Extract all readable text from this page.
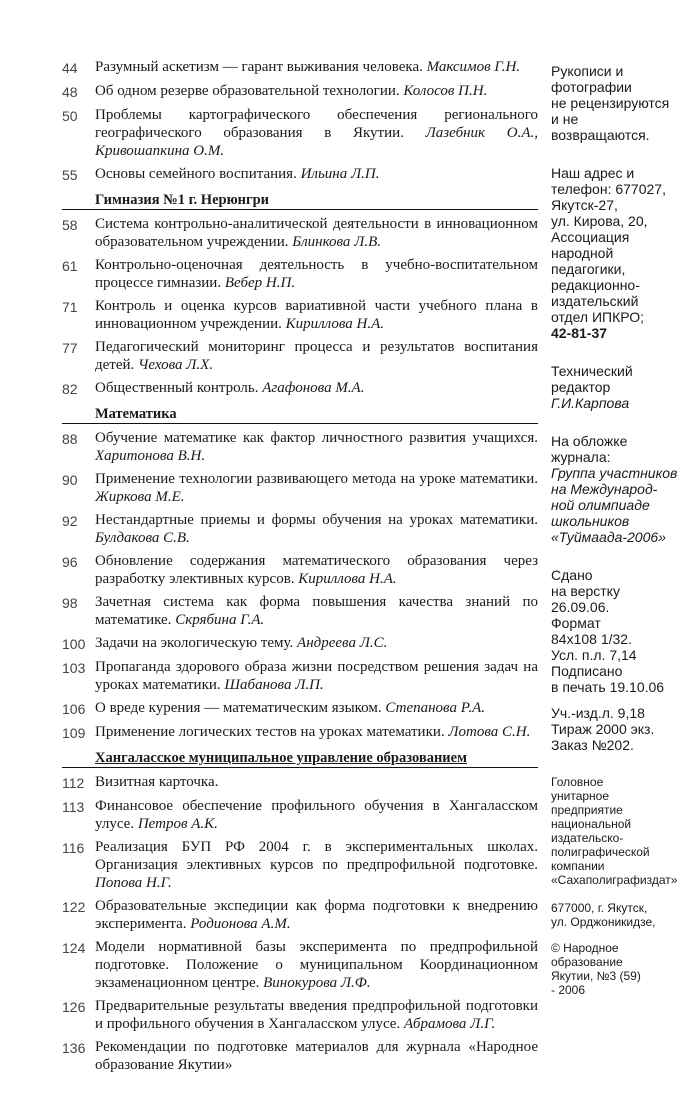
44	Разумный аскетизм — гарант выживания человека. Максимов Г.Н.
48	Об одном резерве образовательной технологии. Колосов П.Н.
50	Проблемы картографического обеспечения регионального географического образования в Якутии. Лазебник О.А., Кривошапкина О.М.
55	Основы семейного воспитания. Ильина Л.П.
Гимназия №1 г. Нерюнгри
58	Система контрольно-аналитической деятельности в инновационном образовательном учреждении. Блинкова Л.В.
61	Контрольно-оценочная деятельность в учебно-воспитательном процессе гимназии. Вебер Н.П.
71	Контроль и оценка курсов вариативной части учебного плана в инновационном учреждении. Кириллова Н.А.
77	Педагогический мониторинг процесса и результатов воспитания детей. Чехова Л.Х.
82	Общественный контроль. Агафонова М.А.
Математика
88	Обучение математике как фактор личностного развития учащихся. Харитонова В.Н.
90	Применение технологии развивающего метода на уроке математики. Жиркова М.Е.
92	Нестандартные приемы и формы обучения на уроках математики. Булдакова С.В.
96	Обновление содержания математического образования через разработку элективных курсов. Кириллова Н.А.
98	Зачетная система как форма повышения качества знаний по математике. Скрябина Г.А.
100 Задачи на экологическую тему. Андреева Л.С.
103 Пропаганда здорового образа жизни посредством решения задач на уроках математики. Шабанова Л.П.
106 О вреде курения — математическим языком. Степанова Р.А.
109 Применение логических тестов на уроках математики. Лотова С.Н.
Хангаласское муниципальное управление образованием
112 Визитная карточка.
113 Финансовое обеспечение профильного обучения в Хангаласском улусе. Петров А.К.
116 Реализация БУП РФ 2004 г. в экспериментальных школах. Организация элективных курсов по предпрофильной подготовке. Попова Н.Г.
122 Образовательные экспедиции как форма подготовки к внедрению эксперимента. Родионова А.М.
124 Модели нормативной базы эксперимента по предпрофильной подготовке. Положение о муниципальном Координационном экзаменационном центре. Винокурова Л.Ф.
126 Предварительные результаты введения предпрофильной подготовки и профильного обучения в Хангаласском улусе. Абрамова Л.Г.
136 Рекомендации по подготовке материалов для журнала «Народное образование Якутии»
Рукописи и
фотографии
не рецензируются
и не
возвращаются.
Наш адрес и
телефон: 677027,
Якутск-27,
ул. Кирова, 20,
Ассоциация
народной
педагогики,
редакционно-
издательский
отдел ИПКРО;
42-81-37
Технический
редактор
Г.И.Карпова
На обложке
журнала:
Группа участников
на Международ-
ной олимпиаде
школьников
«Туймаада-2006»
Сдано
на верстку
26.09.06.
Формат
84x108 1/32.
Усл. п.л. 7,14
Подписано
в печать 19.10.06
Уч.-изд.л. 9,18
Тираж 2000 экз.
Заказ №202.
Головное
унитарное
предприятие
национальной
издательско-
полиграфической
компании
«Сахаполиграфиздат»
677000, г. Якутск,
ул. Орджоникидзе,
© Народное
образование
Якутии, №3 (59)
- 2006
